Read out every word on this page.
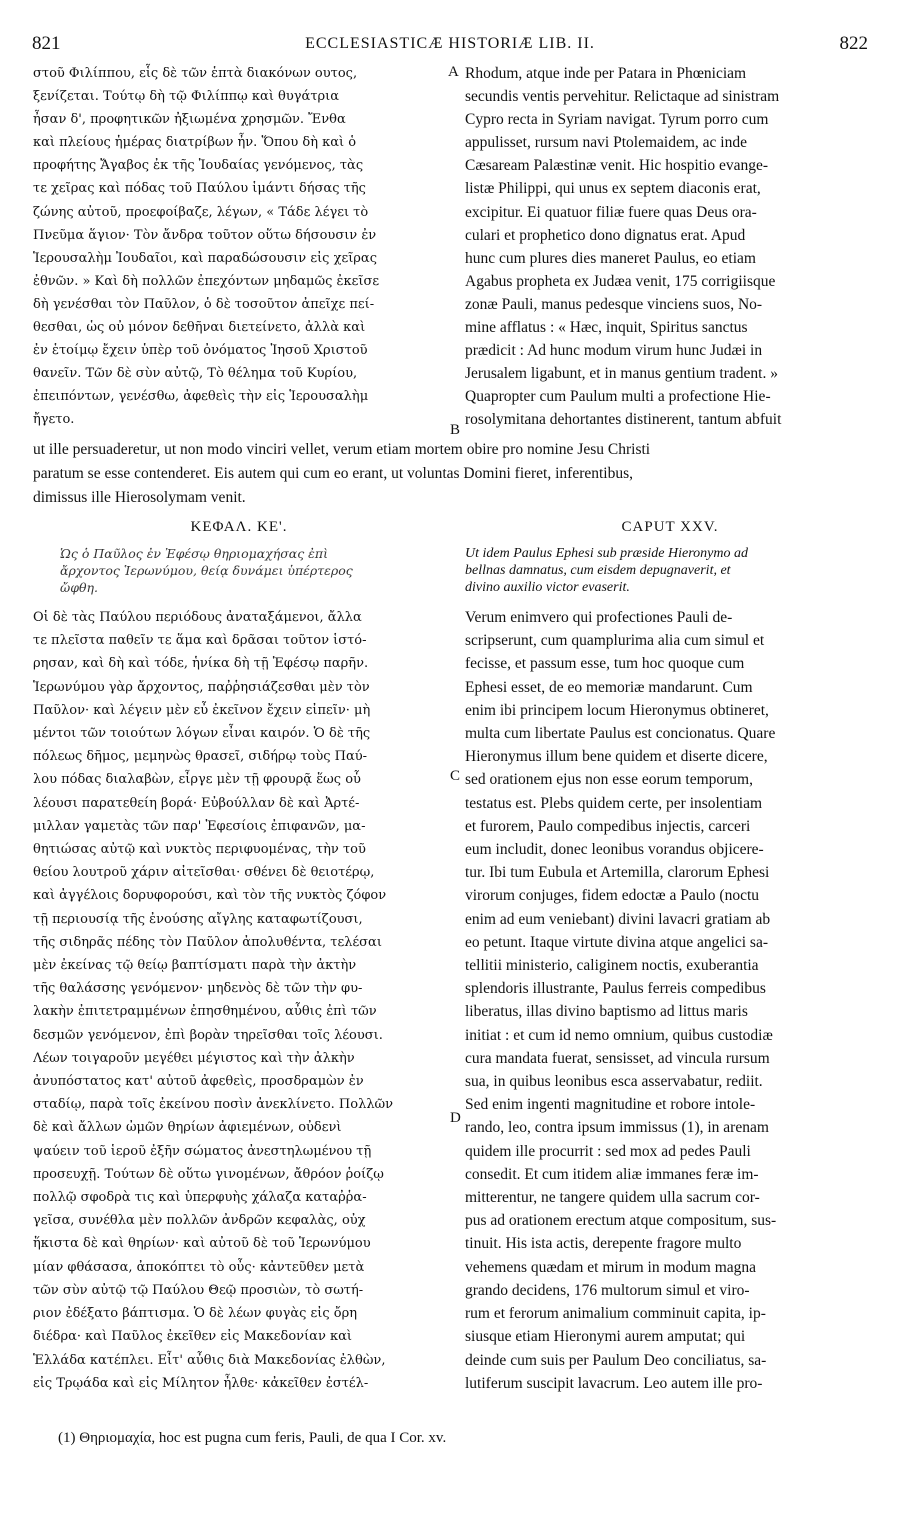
821	ECCLESIASTICÆ HISTORIÆ LIB. II.	822
στοῦ Φιλίππου, εἷς δὲ τῶν ἑπτὰ διακόνων ουτος,
ξενίζεται. Τούτῳ δὴ τῷ Φιλίππῳ καὶ θυγάτρια
ἦσαν δ', προφητικῶν ἠξιωμένα χρησμῶν. Ἔνθα
καὶ πλείους ἡμέρας διατρίβων ἦν. Ὅπου δὴ καὶ ὁ
προφήτης Ἄγαβος ἐκ τῆς Ἰουδαίας γενόμενος, τὰς
τε χεῖρας καὶ πόδας τοῦ Παύλου ἱμάντι δήσας τῆς
ζώνης αὐτοῦ, προεφοίβαζε, λέγων, « Τάδε λέγει τὸ
Πνεῦμα ἅγιον· Τὸν ἄνδρα τοῦτον οὕτω δήσουσιν ἐν
Ἱερουσαλὴμ Ἰουδαῖοι, καὶ παραδώσουσιν εἰς χεῖρας
ἐθνῶν. » Καὶ δὴ πολλῶν ἐπεχόντων μηδαμῶς ἐκεῖσε
δὴ γενέσθαι τὸν Παῦλον, ὁ δὲ τοσοῦτον ἀπεῖχε πεί-
θεσθαι, ὡς οὐ μόνον δεθῆναι διετείνετο, ἀλλὰ καὶ
ἐν ἑτοίμῳ ἔχειν ὑπὲρ τοῦ ὀνόματος Ἰησοῦ Χριστοῦ
θανεῖν. Τῶν δὲ σὺν αὐτῷ, Τὸ θέλημα τοῦ Κυρίου,
ἐπειπόντων, γενέσθω, ἀφεθεὶς τὴν εἰς Ἱερουσαλὴμ
ἤγετο.
A
B
Rhodum, atque inde per Patara in Phœniciam
secundis ventis pervehitur. Relictaque ad sinistram
Cypro recta in Syriam navigat. Tyrum porro cum
appulisset, rursum navi Ptolemaidem, ac inde
Cæsaream Palæstinæ venit. Hic hospitio evange-
listæ Philippi, qui unus ex septem diaconis erat,
excipitur. Ei quatuor filiæ fuere quas Deus ora-
culari et prophetico dono dignatus erat. Apud
hunc cum plures dies maneret Paulus, eo etiam
Agabus propheta ex Judæa venit, 175 corrigiisque
zonæ Pauli, manus pedesque vinciens suos, No-
mine afflatus : « Hæc, inquit, Spiritus sanctus
prædicit : Ad hunc modum virum hunc Judæi in
Jerusalem ligabunt, et in manus gentium tradent. »
Quapropter cum Paulum multi a profectione Hie-
rosolymitana dehortantes distinerent, tantum abfuit
ut ille persuaderetur, ut non modo vinciri vellet, verum etiam mortem obire pro nomine Jesu Christi
paratum se esse contenderet. Eis autem qui cum eo erant, ut voluntas Domini fieret, inferentibus,
dimissus ille Hierosolymam venit.
ΚΕΦΑΛ. ΚΕ'.	CAPUT XXV.
Ὡς ὁ Παῦλος ἐν Ἐφέσῳ θηριομαχήσας ἐπὶ
ἄρχοντος Ἱερωνύμου, θείᾳ δυνάμει ὑπέρτερος
ὤφθη.
Ut idem Paulus Ephesi sub præside Hieronymo ad
bellnas damnatus, cum eisdem depugnaverit, et
divino auxilio victor evaserit.
Οἱ δὲ τὰς Παύλου περιόδους ἀναταξάμενοι, ἄλλα
τε πλεῖστα παθεῖν τε ἅμα καὶ δρᾶσαι τοῦτον ἱστό-
ρησαν, καὶ δὴ καὶ τόδε, ἡνίκα δὴ τῇ Ἐφέσῳ παρῆν.
Ἱερωνύμου γὰρ ἄρχοντος, παῤῥησιάζεσθαι μὲν τὸν
Παῦλον· καὶ λέγειν μὲν εὖ ἐκεῖνον ἔχειν εἰπεῖν· μὴ
μέντοι τῶν τοιούτων λόγων εἶναι καιρόν. Ὁ δὲ τῆς
πόλεως δῆμος, μεμηνὼς θρασεῖ, σιδήρῳ τοὺς Παύ-
λου πόδας διαλαβὼν, εἶργε μὲν τῇ φρουρᾷ ἕως οὗ
λέουσι παρατεθείη βορά· Εὐβούλλαν δὲ καὶ Ἀρτέ-
μιλλαν γαμετὰς τῶν παρ' Ἐφεσίοις ἐπιφανῶν, μα-
θητιώσας αὐτῷ καὶ νυκτὸς περιφυομένας, τὴν τοῦ
θείου λουτροῦ χάριν αἰτεῖσθαι· σθένει δὲ θειοτέρῳ,
καὶ ἀγγέλοις δορυφορούσι, καὶ τὸν τῆς νυκτὸς ζόφον
τῇ περιουσίᾳ τῆς ἐνούσης αἴγλης καταφωτίζουσι,
τῆς σιδηρᾶς πέδης τὸν Παῦλον ἀπολυθέντα, τελέσαι
μὲν ἐκείνας τῷ θείῳ βαπτίσματι παρὰ τὴν ἀκτὴν
τῆς θαλάσσης γενόμενον· μηδενὸς δὲ τῶν τὴν φυ-
λακὴν ἐπιτετραμμένων ἐπησθημένου, αὖθις ἐπὶ τῶν
δεσμῶν γενόμενον, ἐπὶ βορὰν τηρεῖσθαι τοῖς λέουσι.
Λέων τοιγαροῦν μεγέθει μέγιστος καὶ τὴν ἀλκὴν
ἀνυπόστατος κατ' αὐτοῦ ἀφεθεὶς, προσδραμὼν ἐν
σταδίῳ, παρὰ τοῖς ἐκείνου ποσὶν ἀνεκλίνετο. Πολλῶν
δὲ καὶ ἄλλων ὠμῶν θηρίων ἀφιεμένων, οὐδενὶ
ψαύειν τοῦ ἱεροῦ ἐξῆν σώματος ἀνεστηλωμένου τῇ
προσευχῇ. Τούτων δὲ οὕτω γινομένων, ἄθρόον ῥοίζῳ
πολλῷ σφοδρὰ τις καὶ ὑπερφυὴς χάλαζα καταῤῥα-
γεῖσα, συνέθλα μὲν πολλῶν ἀνδρῶν κεφαλὰς, οὐχ
ἥκιστα δὲ καὶ θηρίων· καὶ αὐτοῦ δὲ τοῦ Ἱερωνύμου
μίαν φθάσασα, ἀποκόπτει τὸ οὖς· κἀντεῦθεν μετὰ
τῶν σὺν αὐτῷ τῷ Παύλου Θεῷ προσιὼν, τὸ σωτή-
ριον ἐδέξατο βάπτισμα. Ὁ δὲ λέων φυγὰς εἰς ὄρη
διέδρα· καὶ Παῦλος ἐκεῖθεν εἰς Μακεδονίαν καὶ
Ἑλλάδα κατέπλει. Εἶτ' αὖθις διὰ Μακεδονίας ἐλθὼν,
εἰς Τρῳάδα καὶ εἰς Μίλητον ἦλθε· κἀκεῖθεν ἐστέλ-
C
D
Verum enimvero qui profectiones Pauli de-
scripserunt, cum quamplurima alia cum simul et
fecisse, et passum esse, tum hoc quoque cum
Ephesi esset, de eo memoriæ mandarunt. Cum
enim ibi principem locum Hieronymus obtineret,
multa cum libertate Paulus est concionatus. Quare
Hieronymus illum bene quidem et diserte dicere,
sed orationem ejus non esse eorum temporum,
testatus est. Plebs quidem certe, per insolentiam
et furorem, Paulo compedibus injectis, carceri
eum includit, donec leonibus vorandus objicere-
tur. Ibi tum Eubula et Artemilla, clarorum Ephesi
virorum conjuges, fidem edoctæ a Paulo (noctu
enim ad eum veniebant) divini lavacri gratiam ab
eo petunt. Itaque virtute divina atque angelici sa-
tellitii ministerio, caliginem noctis, exuberantia
splendoris illustrante, Paulus ferreis compedibus
liberatus, illas divino baptismo ad littus maris
initiat : et cum id nemo omnium, quibus custodiæ
cura mandata fuerat, sensisset, ad vincula rursum
sua, in quibus leonibus esca asservabatur, rediit.
Sed enim ingenti magnitudine et robore intole-
rando, leo, contra ipsum immissus (1), in arenam
quidem ille procurrit : sed mox ad pedes Pauli
consedit. Et cum itidem aliæ immanes feræ im-
mitterentur, ne tangere quidem ulla sacrum cor-
pus ad orationem erectum atque compositum, sus-
tinuit. His ista actis, derepente fragore multo
vehemens quædam et mirum in modum magna
grando decidens, 176 multorum simul et viro-
rum et ferorum animalium comminuit capita, ip-
siusque etiam Hieronymi aurem amputat; qui
deinde cum suis per Paulum Deo conciliatus, sa-
lutiferum suscipit lavacrum. Leo autem ille pro-
(1) Θηριομαχία, hoc est pugna cum feris, Pauli, de qua I Cor. xv.
